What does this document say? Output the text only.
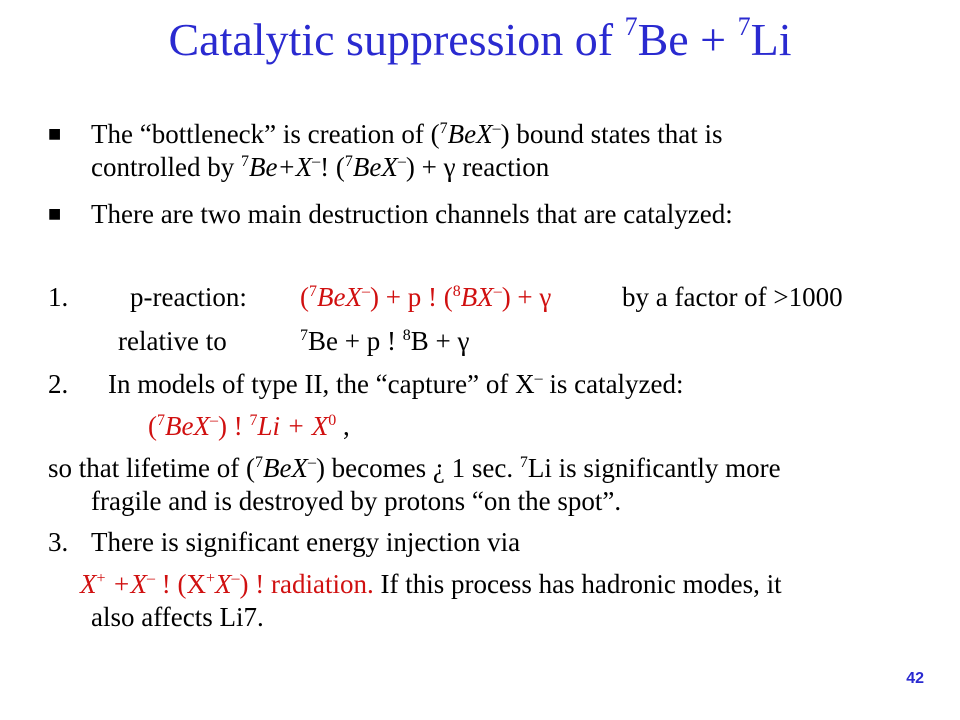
Catalytic suppression of $^7$Be + $^7$Li
■ The “bottleneck” is creation of ($^7$BeX–) bound states that is
controlled by $^7$Be+X–! ($^7$BeX–) + γ reaction
■ There are two main destruction channels that are catalyzed:
1. p-reaction: ($^7$BeX–) + p ! ($^8$BX–) + γ	by a factor of >1000
relative to	$^7$Be + p ! $^8$B + γ
2. In models of type II, the “capture” of X– is catalyzed:
($^7$BeX–) ! $^7Li + X^0$ ,
so that lifetime of ($^7$BeX–) becomes ¿ 1 sec. $^7$Li is significantly more
fragile and is destroyed by protons “on the spot”.
3. There is significant energy injection via
X+ +X– ! (X+X–) ! radiation. If this process has hadronic modes, it
also affects Li7.
42
